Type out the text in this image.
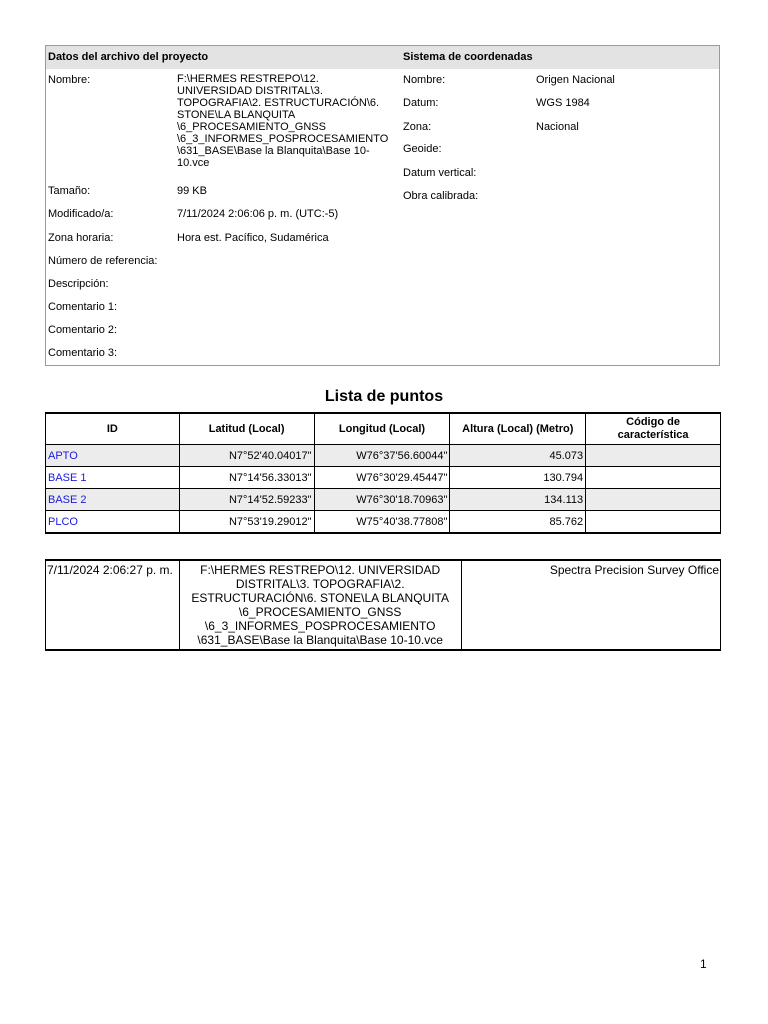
Datos del archivo del proyecto	Sistema de coordenadas
Nombre:	F:\HERMES RESTREPO\12. UNIVERSIDAD DISTRITAL\3. TOPOGRAFIA\2. ESTRUCTURACIÓN\6. STONE\LA BLANQUITA \6_PROCESAMIENTO_GNSS \6_3_INFORMES_POSPROCESAMIENTO \631_BASE\Base la Blanquita\Base 10-10.vce
Tamaño:	99 KB
Modificado/a:	7/11/2024 2:06:06 p. m. (UTC:-5)
Zona horaria:	Hora est. Pacífico, Sudamérica
Número de referencia:
Descripción:
Comentario 1:
Comentario 2:
Comentario 3:
Nombre:	Origen Nacional
Datum:	WGS 1984
Zona:	Nacional
Geoide:
Datum vertical:
Obra calibrada:
Lista de puntos
ID	Latitud (Local)	Longitud (Local)	Altura (Local) (Metro)	Código de característica
APTO	N7°52'40.04017"	W76°37'56.60044"	45.073	
BASE 1	N7°14'56.33013"	W76°30'29.45447"	130.794	
BASE 2	N7°14'52.59233"	W76°30'18.70963"	134.113	
PLCO	N7°53'19.29012"	W75°40'38.77808"	85.762	
7/11/2024 2:06:27 p. m.	F:\HERMES RESTREPO\12. UNIVERSIDAD DISTRITAL\3. TOPOGRAFIA\2. ESTRUCTURACIÓN\6. STONE\LA BLANQUITA \6_PROCESAMIENTO_GNSS \6_3_INFORMES_POSPROCESAMIENTO \631_BASE\Base la Blanquita\Base 10-10.vce	Spectra Precision Survey Office
1
